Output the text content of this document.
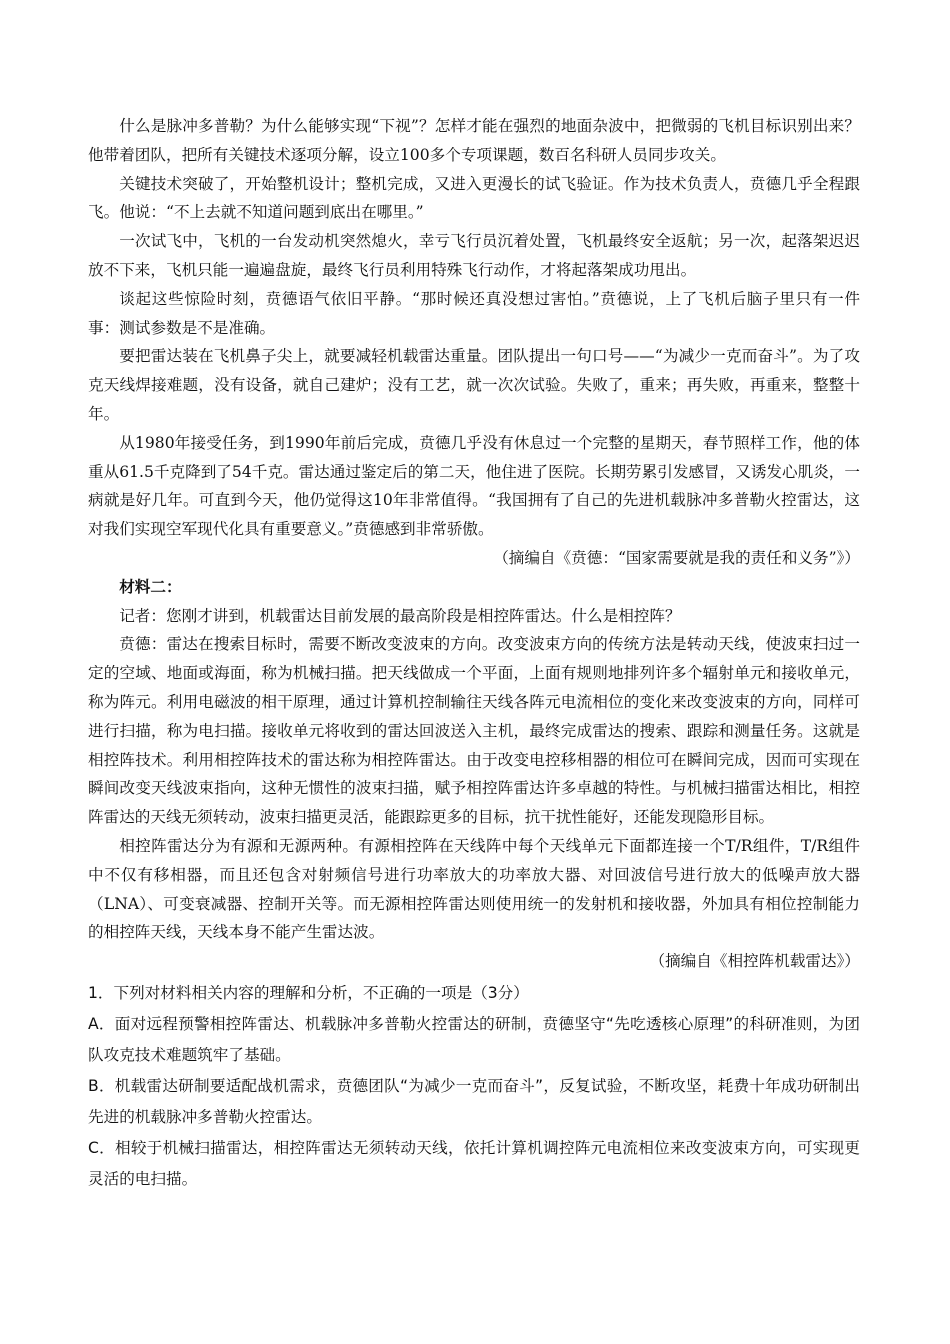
什么是脉冲多普勒？为什么能够实现“下视”？怎样才能在强烈的地面杂波中，把微弱的飞机目标识别出来？他带着团队，把所有关键技术逐项分解，设立100多个专项课题，数百名科研人员同步攻关。

关键技术突破了，开始整机设计；整机完成，又进入更漫长的试飞验证。作为技术负责人，贲德几乎全程跟飞。他说：“不上去就不知道问题到底出在哪里。”

一次试飞中，飞机的一台发动机突然熄火，幸亏飞行员沉着处置，飞机最终安全返航；另一次，起落架迟迟放不下来，飞机只能一遍遍盘旋，最终飞行员利用特殊飞行动作，才将起落架成功甩出。

谈起这些惊险时刻，贲德语气依旧平静。“那时候还真没想过害怕。”贲德说，上了飞机后脑子里只有一件事：测试参数是不是准确。

要把雷达装在飞机鼻子尖上，就要减轻机载雷达重量。团队提出一句口号——“为减少一克而奋斗”。为了攻克天线焊接难题，没有设备，就自己建炉；没有工艺，就一次次试验。失败了，重来；再失败，再重来，整整十年。

从1980年接受任务，到1990年前后完成，贲德几乎没有休息过一个完整的星期天，春节照样工作，他的体重从61.5千克降到了54千克。雷达通过鉴定后的第二天，他住进了医院。长期劳累引发感冒，又诱发心肌炎，一病就是好几年。可直到今天，他仍觉得这10年非常值得。“我国拥有了自己的先进机载脉冲多普勒火控雷达，这对我们实现空军现代化具有重要意义。”贲德感到非常骄傲。

（摘编自《贲德：“国家需要就是我的责任和义务”》）

材料二：

记者：您刚才讲到，机载雷达目前发展的最高阶段是相控阵雷达。什么是相控阵？

贲德：雷达在搜索目标时，需要不断改变波束的方向。改变波束方向的传统方法是转动天线，使波束扫过一定的空域、地面或海面，称为机械扫描。把天线做成一个平面，上面有规则地排列许多个辐射单元和接收单元，称为阵元。利用电磁波的相干原理，通过计算机控制输往天线各阵元电流相位的变化来改变波束的方向，同样可进行扫描，称为电扫描。接收单元将收到的雷达回波送入主机，最终完成雷达的搜索、跟踪和测量任务。这就是相控阵技术。利用相控阵技术的雷达称为相控阵雷达。由于改变电控移相器的相位可在瞬间完成，因而可实现在瞬间改变天线波束指向，这种无惯性的波束扫描，赋予相控阵雷达许多卓越的特性。与机械扫描雷达相比，相控阵雷达的天线无须转动，波束扫描更灵活，能跟踪更多的目标，抗干扰性能好，还能发现隐形目标。

相控阵雷达分为有源和无源两种。有源相控阵在天线阵中每个天线单元下面都连接一个T/R组件，T/R组件中不仅有移相器，而且还包含对射频信号进行功率放大的功率放大器、对回波信号进行放大的低噪声放大器（LNA）、可变衰减器、控制开关等。而无源相控阵雷达则使用统一的发射机和接收器，外加具有相位控制能力的相控阵天线，天线本身不能产生雷达波。

（摘编自《相控阵机载雷达》）

1．下列对材料相关内容的理解和分析，不正确的一项是（3分）

A．面对远程预警相控阵雷达、机载脉冲多普勒火控雷达的研制，贲德坚守“先吃透核心原理”的科研准则，为团队攻克技术难题筑牢了基础。

B．机载雷达研制要适配战机需求，贲德团队“为减少一克而奋斗”，反复试验，不断攻坚，耗费十年成功研制出先进的机载脉冲多普勒火控雷达。

C．相较于机械扫描雷达，相控阵雷达无须转动天线，依托计算机调控阵元电流相位来改变波束方向，可实现更灵活的电扫描。
